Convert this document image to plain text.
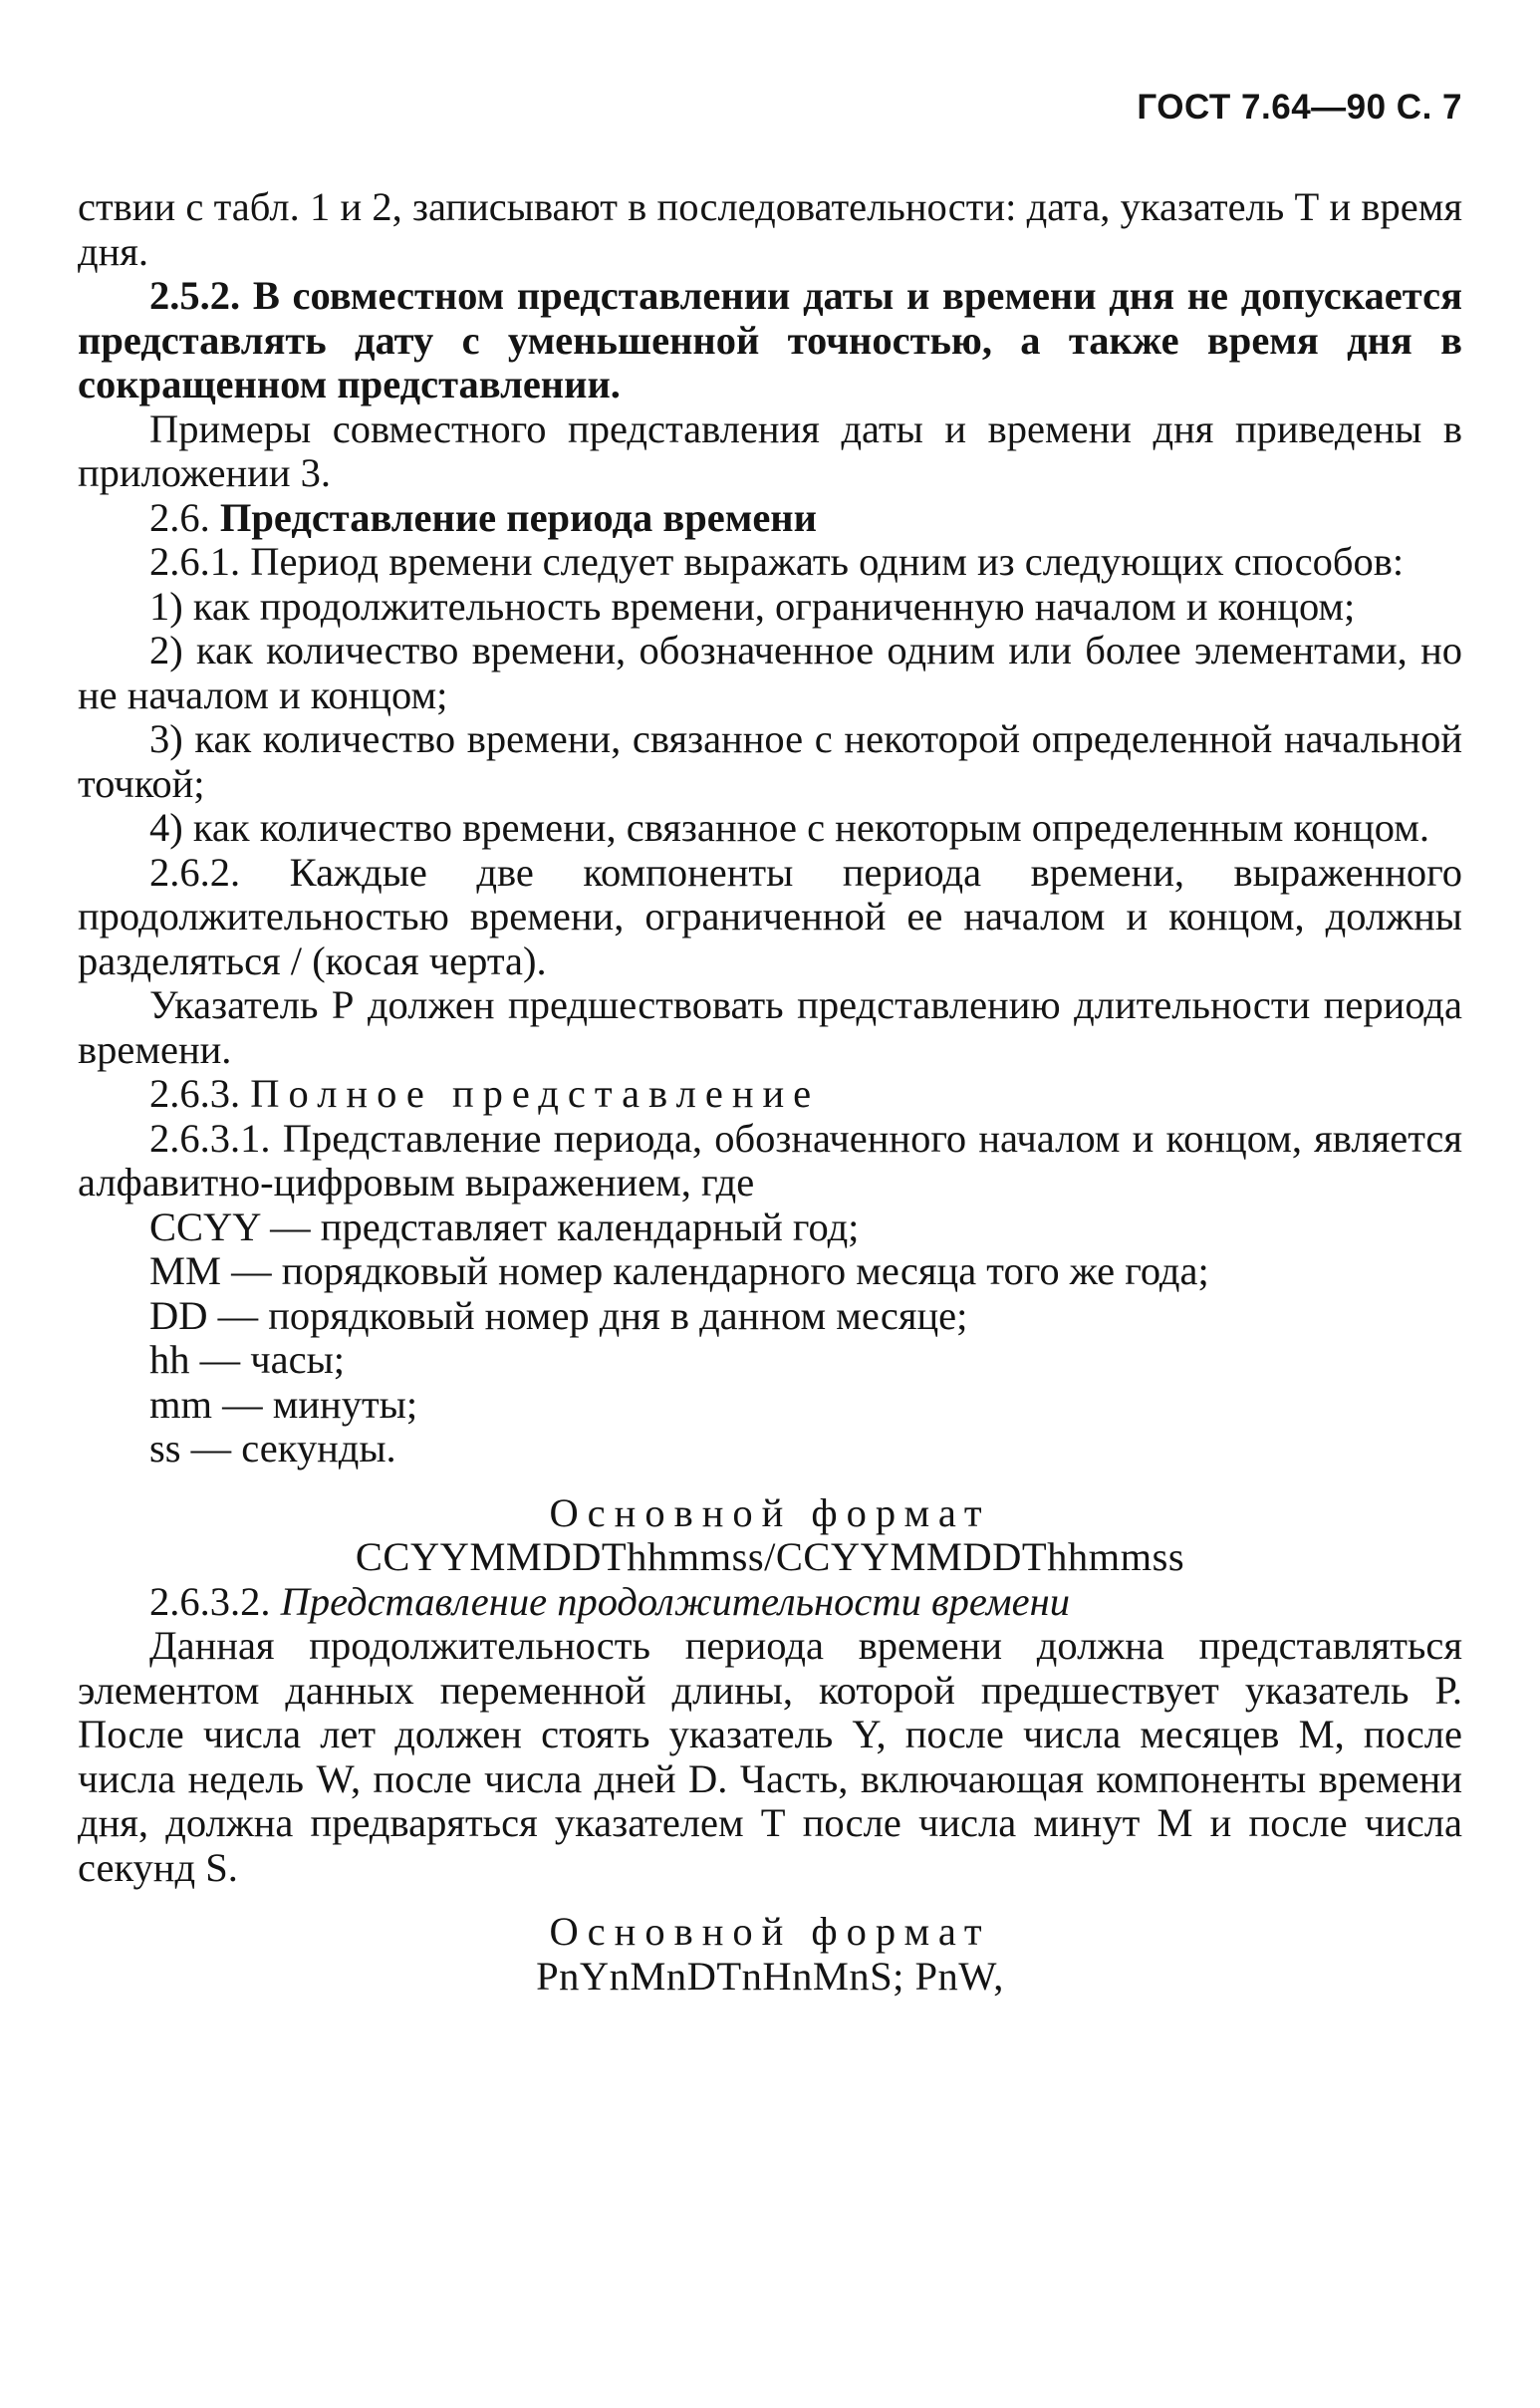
ГОСТ 7.64—90 С. 7

ствии с табл. 1 и 2, записывают в последовательности: дата, указатель Т и время дня.

2.5.2. В совместном представлении даты и времени дня не допускается представлять дату с уменьшенной точностью, а также время дня в сокращенном представлении.

Примеры совместного представления даты и времени дня приведены в приложении 3.

2.6. Представление периода времени

2.6.1. Период времени следует выражать одним из следующих способов:

1) как продолжительность времени, ограниченную началом и концом;

2) как количество времени, обозначенное одним или более элементами, но не началом и концом;

3) как количество времени, связанное с некоторой определенной начальной точкой;

4) как количество времени, связанное с некоторым определенным концом.

2.6.2. Каждые две компоненты периода времени, выраженного продолжительностью времени, ограниченной ее началом и концом, должны разделяться / (косая черта).

Указатель Р должен предшествовать представлению длительности периода времени.

2.6.3. Полное представление

2.6.3.1. Представление периода, обозначенного началом и концом, является алфавитно-цифровым выражением, где

CCYY — представляет календарный год;

MM — порядковый номер календарного месяца того же года;

DD — порядковый номер дня в данном месяце;

hh — часы;

mm — минуты;

ss — секунды.

Основной формат

CCYYMMDDThhmmss/CCYYMMDDThhmmss

2.6.3.2. Представление продолжительности времени

Данная продолжительность периода времени должна представляться элементом данных переменной длины, которой предшествует указатель Р. После числа лет должен стоять указатель Y, после числа месяцев М, после числа недель W, после числа дней D. Часть, включающая компоненты времени дня, должна предваряться указателем Т после числа минут М и после числа секунд S.

Основной формат

PnYnMnDTnHnMnS; PnW,
